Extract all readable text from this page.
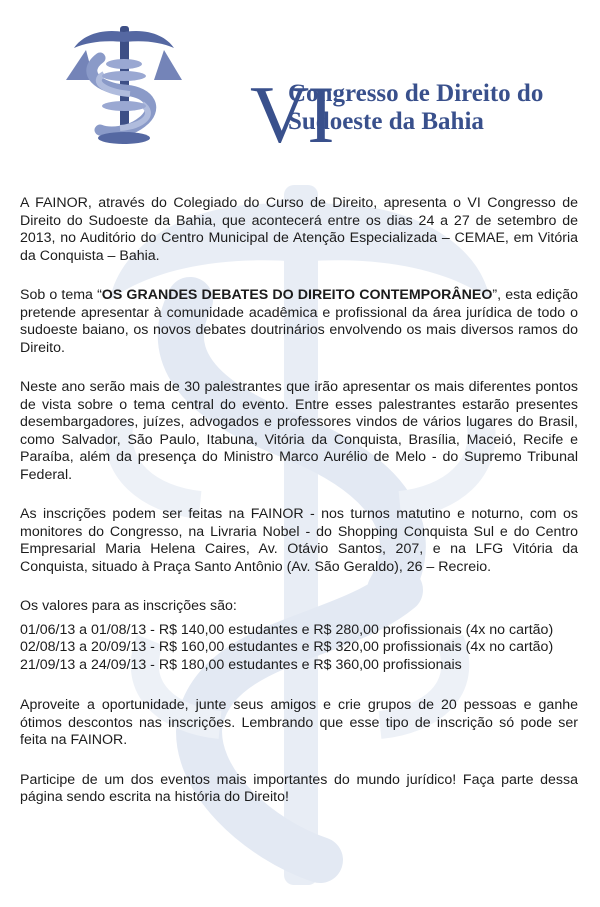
VI
Congresso de Direito do
Sudoeste da Bahia

A FAINOR, através do Colegiado do Curso de Direito, apresenta o VI Congresso de Direito do Sudoeste da Bahia, que acontecerá entre os dias 24 a 27 de setembro de 2013, no Auditório do Centro Municipal de Atenção Especializada – CEMAE, em Vitória da Conquista – Bahia.

Sob o tema “OS GRANDES DEBATES DO DIREITO CONTEMPORÂNEO”, esta edição pretende apresentar à comunidade acadêmica e profissional da área jurídica de todo o sudoeste baiano, os novos debates doutrinários envolvendo os mais diversos ramos do Direito.

Neste ano serão mais de 30 palestrantes que irão apresentar os mais diferentes pontos de vista sobre o tema central do evento. Entre esses palestrantes estarão presentes desembargadores, juízes, advogados e professores vindos de vários lugares do Brasil, como Salvador, São Paulo, Itabuna, Vitória da Conquista, Brasília, Maceió, Recife e Paraíba, além da presença do Ministro Marco Aurélio de Melo - do Supremo Tribunal Federal.

As inscrições podem ser feitas na FAINOR - nos turnos matutino e noturno, com os monitores do Congresso, na Livraria Nobel - do Shopping Conquista Sul e do Centro Empresarial Maria Helena Caires, Av. Otávio Santos, 207, e na LFG Vitória da Conquista, situado à Praça Santo Antônio (Av. São Geraldo), 26 – Recreio.

Os valores para as inscrições são:

01/06/13 a 01/08/13 - R$ 140,00 estudantes e R$ 280,00 profissionais (4x no cartão)
02/08/13 a 20/09/13 - R$ 160,00 estudantes e R$ 320,00 profissionais (4x no cartão)
21/09/13 a 24/09/13 - R$ 180,00 estudantes e R$ 360,00 profissionais

Aproveite a oportunidade, junte seus amigos e crie grupos de 20 pessoas e ganhe ótimos descontos nas inscrições. Lembrando que esse tipo de inscrição só pode ser feita na FAINOR.

Participe de um dos eventos mais importantes do mundo jurídico! Faça parte dessa página sendo escrita na história do Direito!
